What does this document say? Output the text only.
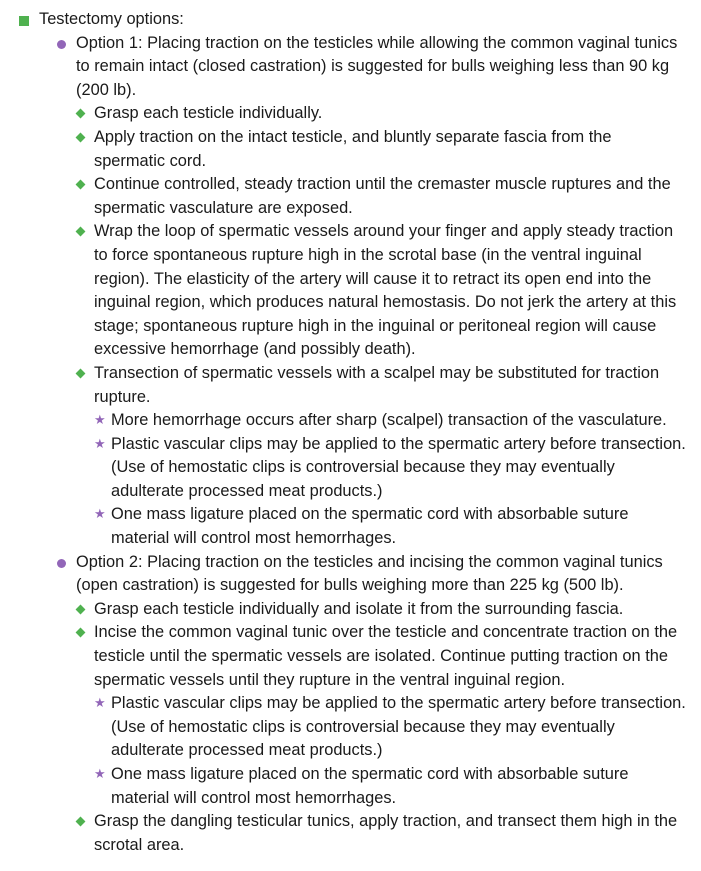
Testectomy options:
Option 1: Placing traction on the testicles while allowing the common vaginal tunics to remain intact (closed castration) is suggested for bulls weighing less than 90 kg (200 lb).
Grasp each testicle individually.
Apply traction on the intact testicle, and bluntly separate fascia from the spermatic cord.
Continue controlled, steady traction until the cremaster muscle ruptures and the spermatic vasculature are exposed.
Wrap the loop of spermatic vessels around your finger and apply steady traction to force spontaneous rupture high in the scrotal base (in the ventral inguinal region). The elasticity of the artery will cause it to retract its open end into the inguinal region, which produces natural hemostasis. Do not jerk the artery at this stage; spontaneous rupture high in the inguinal or peritoneal region will cause excessive hemorrhage (and possibly death).
Transection of spermatic vessels with a scalpel may be substituted for traction rupture.
★ More hemorrhage occurs after sharp (scalpel) transaction of the vasculature.
★ Plastic vascular clips may be applied to the spermatic artery before transection. (Use of hemostatic clips is controversial because they may eventually adulterate processed meat products.)
★ One mass ligature placed on the spermatic cord with absorbable suture material will control most hemorrhages.
Option 2: Placing traction on the testicles and incising the common vaginal tunics (open castration) is suggested for bulls weighing more than 225 kg (500 lb).
Grasp each testicle individually and isolate it from the surrounding fascia.
Incise the common vaginal tunic over the testicle and concentrate traction on the testicle until the spermatic vessels are isolated. Continue putting traction on the spermatic vessels until they rupture in the ventral inguinal region.
★ Plastic vascular clips may be applied to the spermatic artery before transection. (Use of hemostatic clips is controversial because they may eventually adulterate processed meat products.)
★ One mass ligature placed on the spermatic cord with absorbable suture material will control most hemorrhages.
Grasp the dangling testicular tunics, apply traction, and transect them high in the scrotal area.
